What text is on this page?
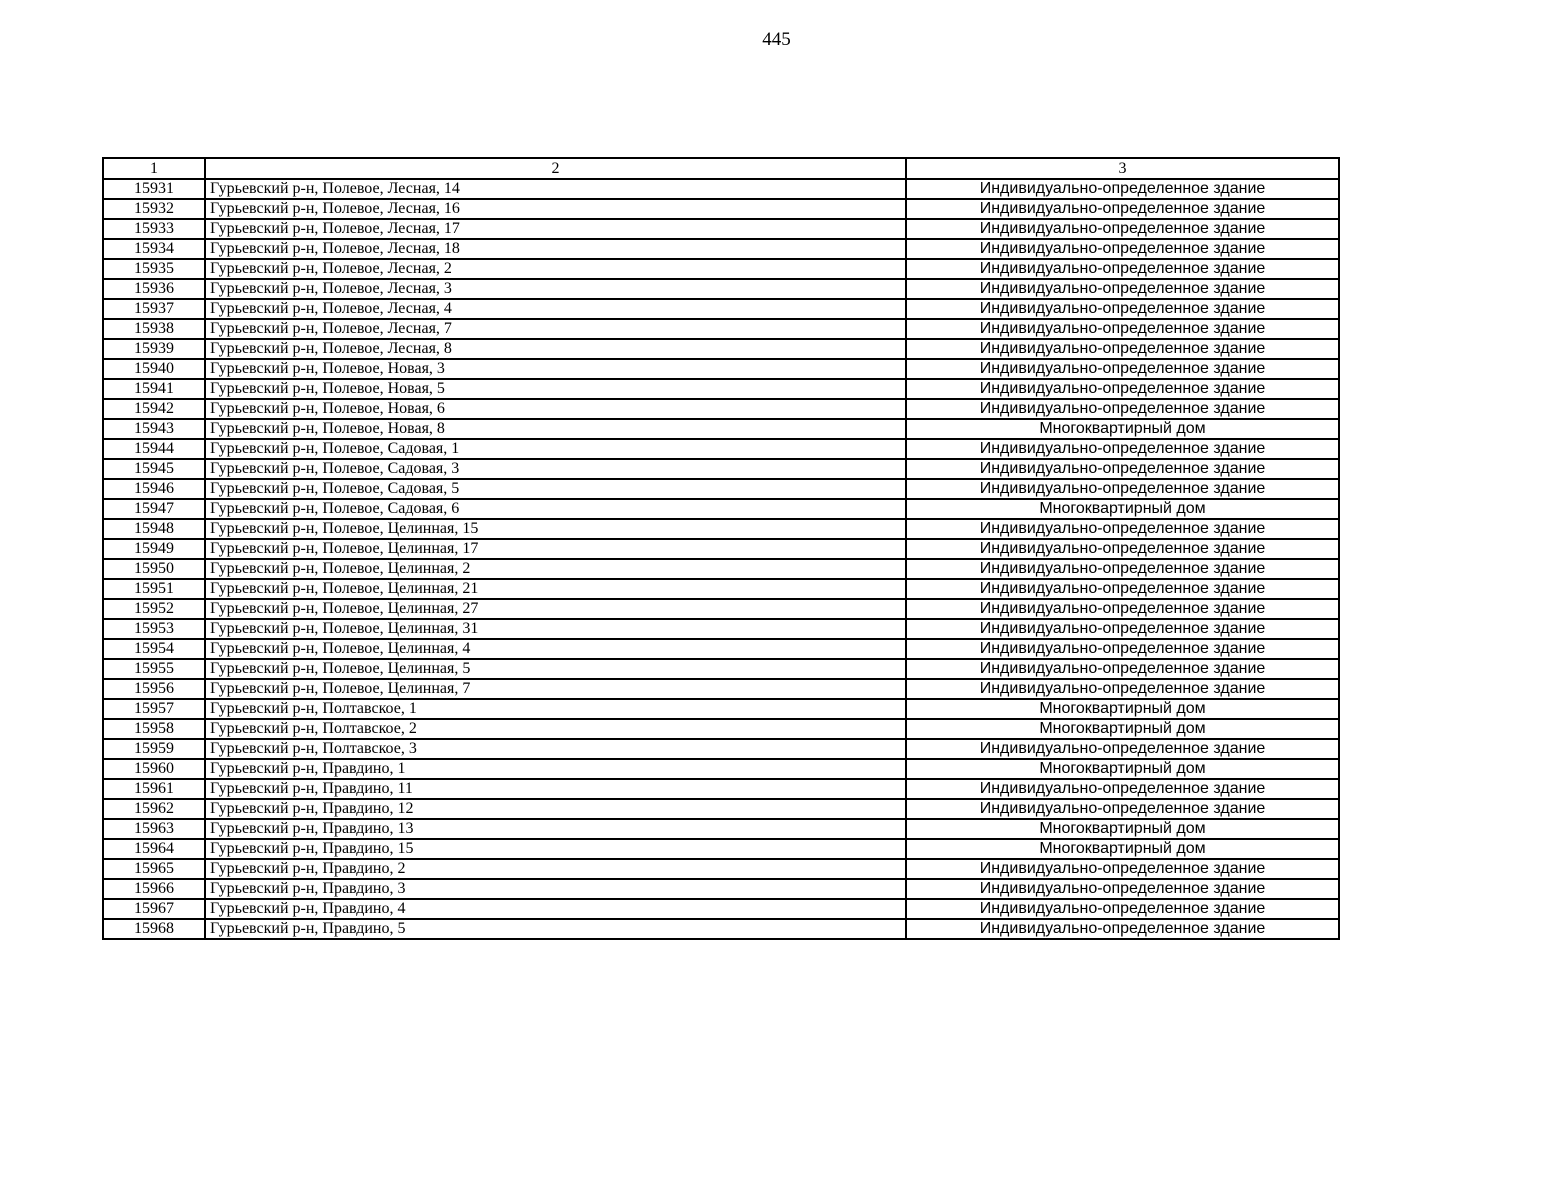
445
1	2	3
15931	Гурьевский р-н, Полевое, Лесная, 14	Индивидуально-определенное здание
15932	Гурьевский р-н, Полевое, Лесная, 16	Индивидуально-определенное здание
15933	Гурьевский р-н, Полевое, Лесная, 17	Индивидуально-определенное здание
15934	Гурьевский р-н, Полевое, Лесная, 18	Индивидуально-определенное здание
15935	Гурьевский р-н, Полевое, Лесная, 2	Индивидуально-определенное здание
15936	Гурьевский р-н, Полевое, Лесная, 3	Индивидуально-определенное здание
15937	Гурьевский р-н, Полевое, Лесная, 4	Индивидуально-определенное здание
15938	Гурьевский р-н, Полевое, Лесная, 7	Индивидуально-определенное здание
15939	Гурьевский р-н, Полевое, Лесная, 8	Индивидуально-определенное здание
15940	Гурьевский р-н, Полевое, Новая, 3	Индивидуально-определенное здание
15941	Гурьевский р-н, Полевое, Новая, 5	Индивидуально-определенное здание
15942	Гурьевский р-н, Полевое, Новая, 6	Индивидуально-определенное здание
15943	Гурьевский р-н, Полевое, Новая, 8	Многоквартирный дом
15944	Гурьевский р-н, Полевое, Садовая, 1	Индивидуально-определенное здание
15945	Гурьевский р-н, Полевое, Садовая, 3	Индивидуально-определенное здание
15946	Гурьевский р-н, Полевое, Садовая, 5	Индивидуально-определенное здание
15947	Гурьевский р-н, Полевое, Садовая, 6	Многоквартирный дом
15948	Гурьевский р-н, Полевое, Целинная, 15	Индивидуально-определенное здание
15949	Гурьевский р-н, Полевое, Целинная, 17	Индивидуально-определенное здание
15950	Гурьевский р-н, Полевое, Целинная, 2	Индивидуально-определенное здание
15951	Гурьевский р-н, Полевое, Целинная, 21	Индивидуально-определенное здание
15952	Гурьевский р-н, Полевое, Целинная, 27	Индивидуально-определенное здание
15953	Гурьевский р-н, Полевое, Целинная, 31	Индивидуально-определенное здание
15954	Гурьевский р-н, Полевое, Целинная, 4	Индивидуально-определенное здание
15955	Гурьевский р-н, Полевое, Целинная, 5	Индивидуально-определенное здание
15956	Гурьевский р-н, Полевое, Целинная, 7	Индивидуально-определенное здание
15957	Гурьевский р-н, Полтавское, 1	Многоквартирный дом
15958	Гурьевский р-н, Полтавское, 2	Многоквартирный дом
15959	Гурьевский р-н, Полтавское, 3	Индивидуально-определенное здание
15960	Гурьевский р-н, Правдино, 1	Многоквартирный дом
15961	Гурьевский р-н, Правдино, 11	Индивидуально-определенное здание
15962	Гурьевский р-н, Правдино, 12	Индивидуально-определенное здание
15963	Гурьевский р-н, Правдино, 13	Многоквартирный дом
15964	Гурьевский р-н, Правдино, 15	Многоквартирный дом
15965	Гурьевский р-н, Правдино, 2	Индивидуально-определенное здание
15966	Гурьевский р-н, Правдино, 3	Индивидуально-определенное здание
15967	Гурьевский р-н, Правдино, 4	Индивидуально-определенное здание
15968	Гурьевский р-н, Правдино, 5	Индивидуально-определенное здание
